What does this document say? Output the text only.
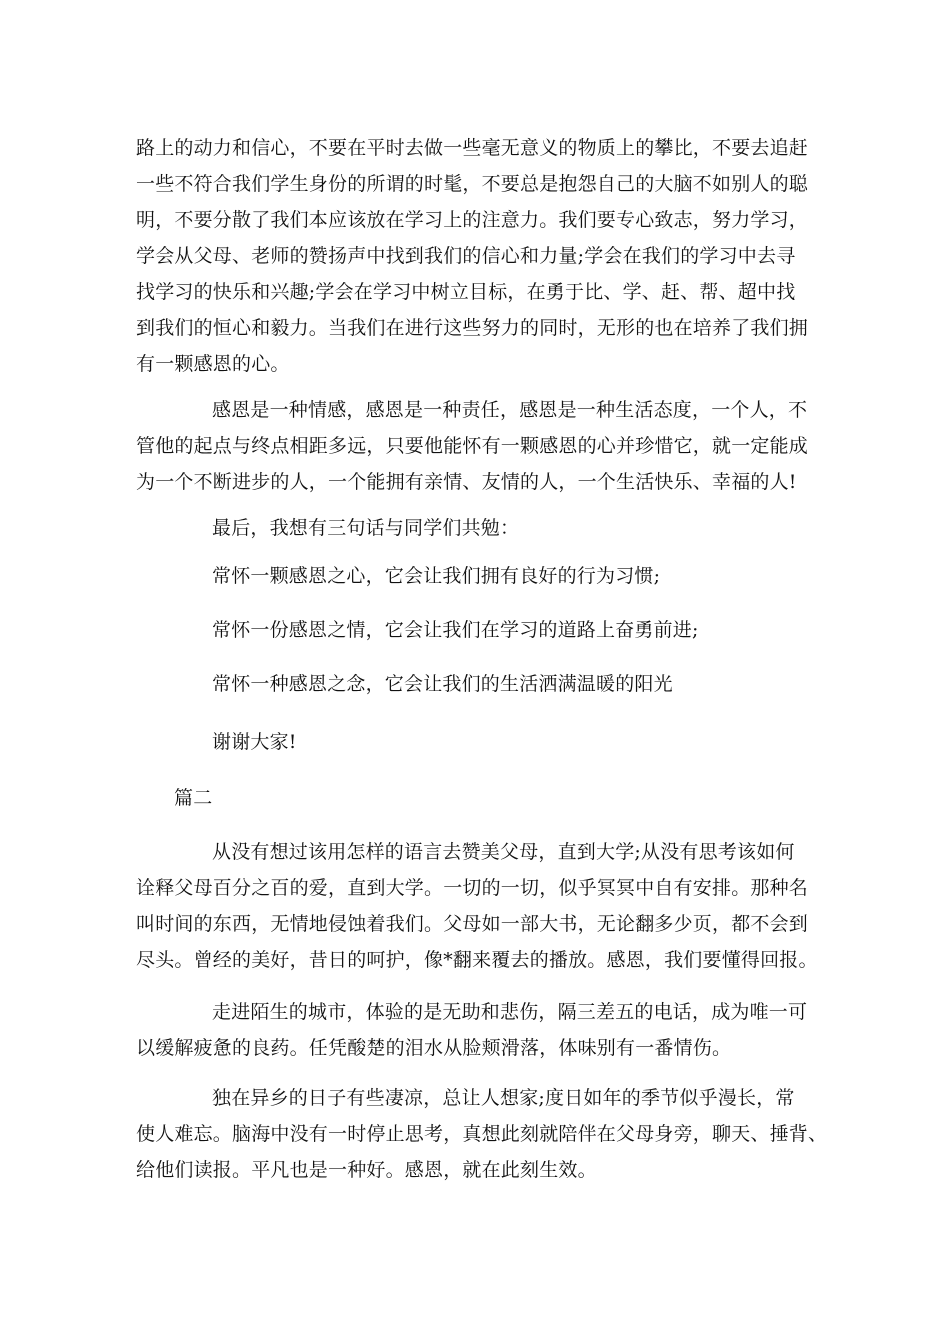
路上的动力和信心，不要在平时去做一些毫无意义的物质上的攀比，不要去追赶
一些不符合我们学生身份的所谓的时髦，不要总是抱怨自己的大脑不如别人的聪
明，不要分散了我们本应该放在学习上的注意力。我们要专心致志，努力学习，
学会从父母、老师的赞扬声中找到我们的信心和力量;学会在我们的学习中去寻
找学习的快乐和兴趣;学会在学习中树立目标，在勇于比、学、赶、帮、超中找
到我们的恒心和毅力。当我们在进行这些努力的同时，无形的也在培养了我们拥
有一颗感恩的心。
感恩是一种情感，感恩是一种责任，感恩是一种生活态度，一个人，不
管他的起点与终点相距多远，只要他能怀有一颗感恩的心并珍惜它，就一定能成
为一个不断进步的人，一个能拥有亲情、友情的人，一个生活快乐、幸福的人!
最后，我想有三句话与同学们共勉：
常怀一颗感恩之心，它会让我们拥有良好的行为习惯;
常怀一份感恩之情，它会让我们在学习的道路上奋勇前进;
常怀一种感恩之念，它会让我们的生活洒满温暖的阳光
谢谢大家!
篇二
从没有想过该用怎样的语言去赞美父母，直到大学;从没有思考该如何
诠释父母百分之百的爱，直到大学。一切的一切，似乎冥冥中自有安排。那种名
叫时间的东西，无情地侵蚀着我们。父母如一部大书，无论翻多少页，都不会到
尽头。曾经的美好，昔日的呵护，像*翻来覆去的播放。感恩，我们要懂得回报。
走进陌生的城市，体验的是无助和悲伤，隔三差五的电话，成为唯一可
以缓解疲惫的良药。任凭酸楚的泪水从脸颊滑落，体味别有一番情伤。
独在异乡的日子有些凄凉，总让人想家;度日如年的季节似乎漫长，常
使人难忘。脑海中没有一时停止思考，真想此刻就陪伴在父母身旁，聊天、捶背、
给他们读报。平凡也是一种好。感恩，就在此刻生效。
